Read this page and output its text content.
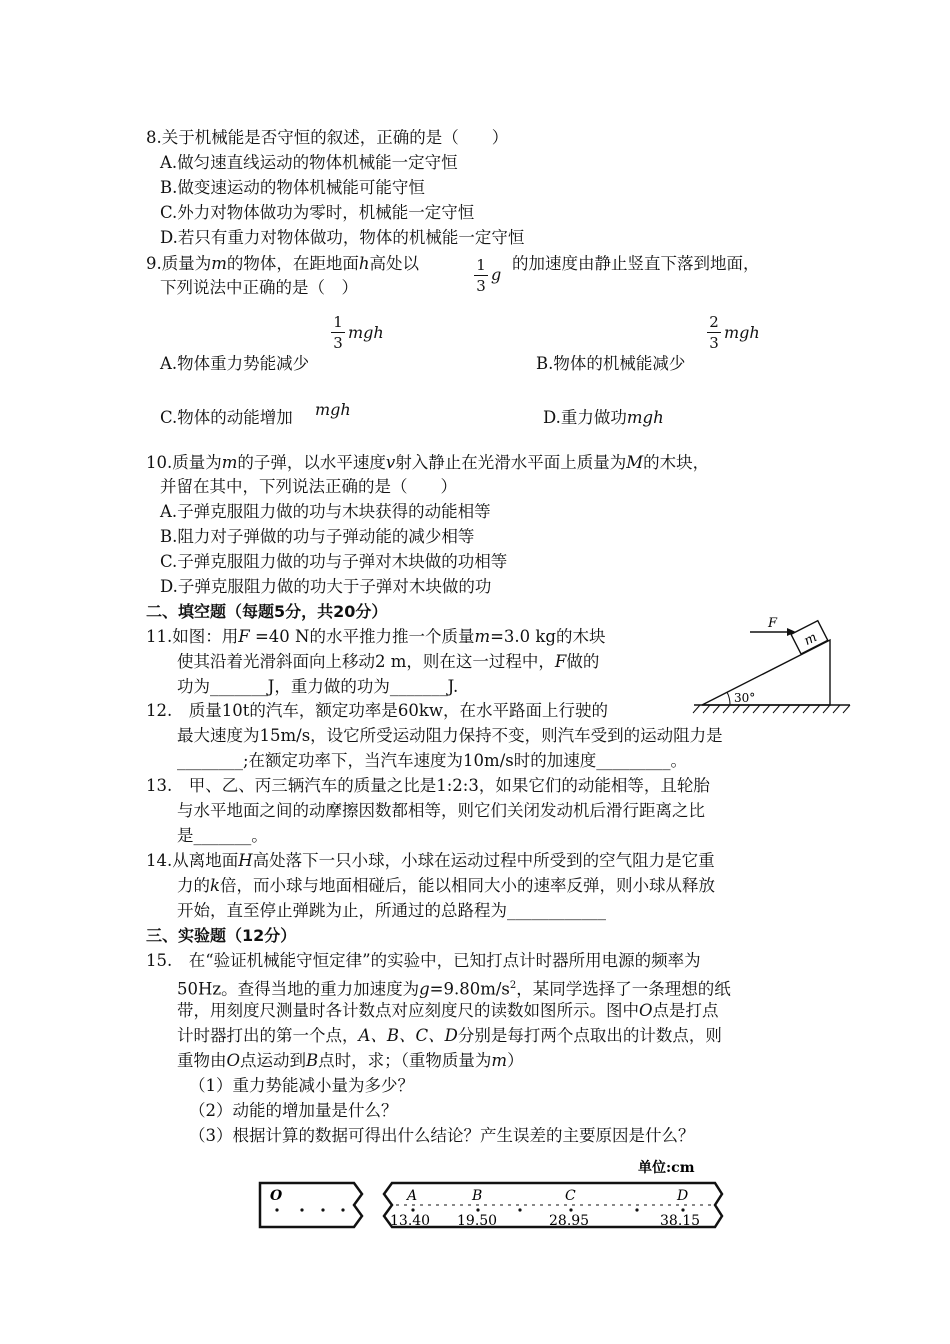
8.关于机械能是否守恒的叙述，正确的是（　　）
A.做匀速直线运动的物体机械能一定守恒
B.做变速运动的物体机械能可能守恒
C.外力对物体做功为零时，机械能一定守恒
D.若只有重力对物体做功，物体的机械能一定守恒
9.质量为m的物体，在距地面h高处以	1
3
g
的加速度由静止竖直下落到地面，
下列说法中正确的是（　）
1
3
mgh
A.物体重力势能减少
2
3
mgh
B.物体的机械能减少
C.物体的动能增加 mgh	D.重力做功mgh
10.质量为m的子弹，以水平速度v射入静止在光滑水平面上质量为M的木块，
并留在其中，下列说法正确的是（　　）
A.子弹克服阻力做的功与木块获得的动能相等
B.阻力对子弹做的功与子弹动能的减少相等
C.子弹克服阻力做的功与子弹对木块做的功相等
D.子弹克服阻力做的功大于子弹对木块做的功
二、填空题（每题5分，共20分）
11.如图：用F =40 N的水平推力推一个质量m=3.0 kg的木块
使其沿着光滑斜面向上移动2 m，则在这一过程中，F做的
功为_______J，重力做的功为_______J.
30°
m
F
12.　质量10t的汽车，额定功率是60kw，在水平路面上行驶的
最大速度为15m/s，设它所受运动阻力保持不变，则汽车受到的运动阻力是
________;在额定功率下，当汽车速度为10m/s时的加速度_________。
13.　甲、乙、丙三辆汽车的质量之比是1:2:3，如果它们的动能相等，且轮胎
与水平地面之间的动摩擦因数都相等，则它们关闭发动机后滑行距离之比
是_______。
14.从离地面H高处落下一只小球，小球在运动过程中所受到的空气阻力是它重
力的k倍，而小球与地面相碰后，能以相同大小的速率反弹，则小球从释放
开始，直至停止弹跳为止，所通过的总路程为____________
三、实验题（12分）
15.　在“验证机械能守恒定律”的实验中，已知打点计时器所用电源的频率为
50Hz。查得当地的重力加速度为$g=9.80m/s^2$，某同学选择了一条理想的纸
带，用刻度尺测量时各计数点对应刻度尺的读数如图所示。图中O点是打点
计时器打出的第一个点，A、B、C、D分别是每打两个点取出的计数点，则
重物由O点运动到B点时，求；（重物质量为m）
（1）重力势能减小量为多少？
（2）动能的增加量是什么？
（3）根据计算的数据可得出什么结论？产生误差的主要原因是什么？
单位:cm
O	A
13.40
B
19.50
C
28.95
D
38.15
